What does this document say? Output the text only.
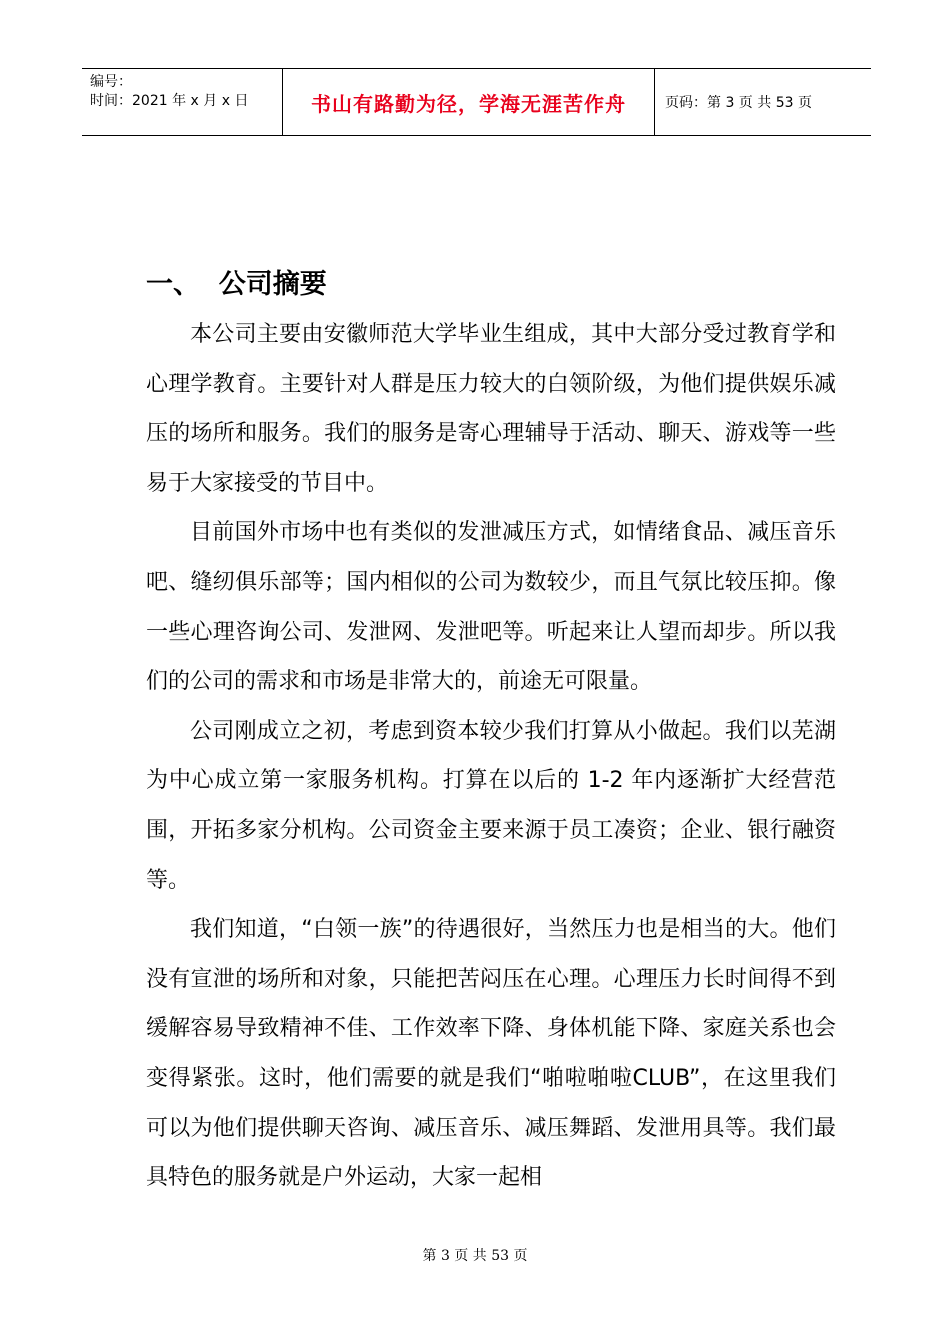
编号：
时间：2021 年 x 月 x 日	书山有路勤为径，学海无涯苦作舟	页码：第 3 页 共 53 页
一、  公司摘要

本公司主要由安徽师范大学毕业生组成，其中大部分受过教育学和心理学教育。主要针对人群是压力较大的白领阶级，为他们提供娱乐减压的场所和服务。我们的服务是寄心理辅导于活动、聊天、游戏等一些易于大家接受的节目中。

目前国外市场中也有类似的发泄减压方式，如情绪食品、减压音乐吧、缝纫俱乐部等；国内相似的公司为数较少，而且气氛比较压抑。像一些心理咨询公司、发泄网、发泄吧等。听起来让人望而却步。所以我们的公司的需求和市场是非常大的，前途无可限量。

公司刚成立之初，考虑到资本较少我们打算从小做起。我们以芜湖为中心成立第一家服务机构。打算在以后的 1-2 年内逐渐扩大经营范围，开拓多家分机构。公司资金主要来源于员工凑资；企业、银行融资等。

我们知道，“白领一族”的待遇很好，当然压力也是相当的大。他们没有宣泄的场所和对象，只能把苦闷压在心理。心理压力长时间得不到缓解容易导致精神不佳、工作效率下降、身体机能下降、家庭关系也会变得紧张。这时，他们需要的就是我们“啪啦啪啦CLUB”，在这里我们可以为他们提供聊天咨询、减压音乐、减压舞蹈、发泄用具等。我们最具特色的服务就是户外运动，大家一起相

第 3 页 共 53 页
